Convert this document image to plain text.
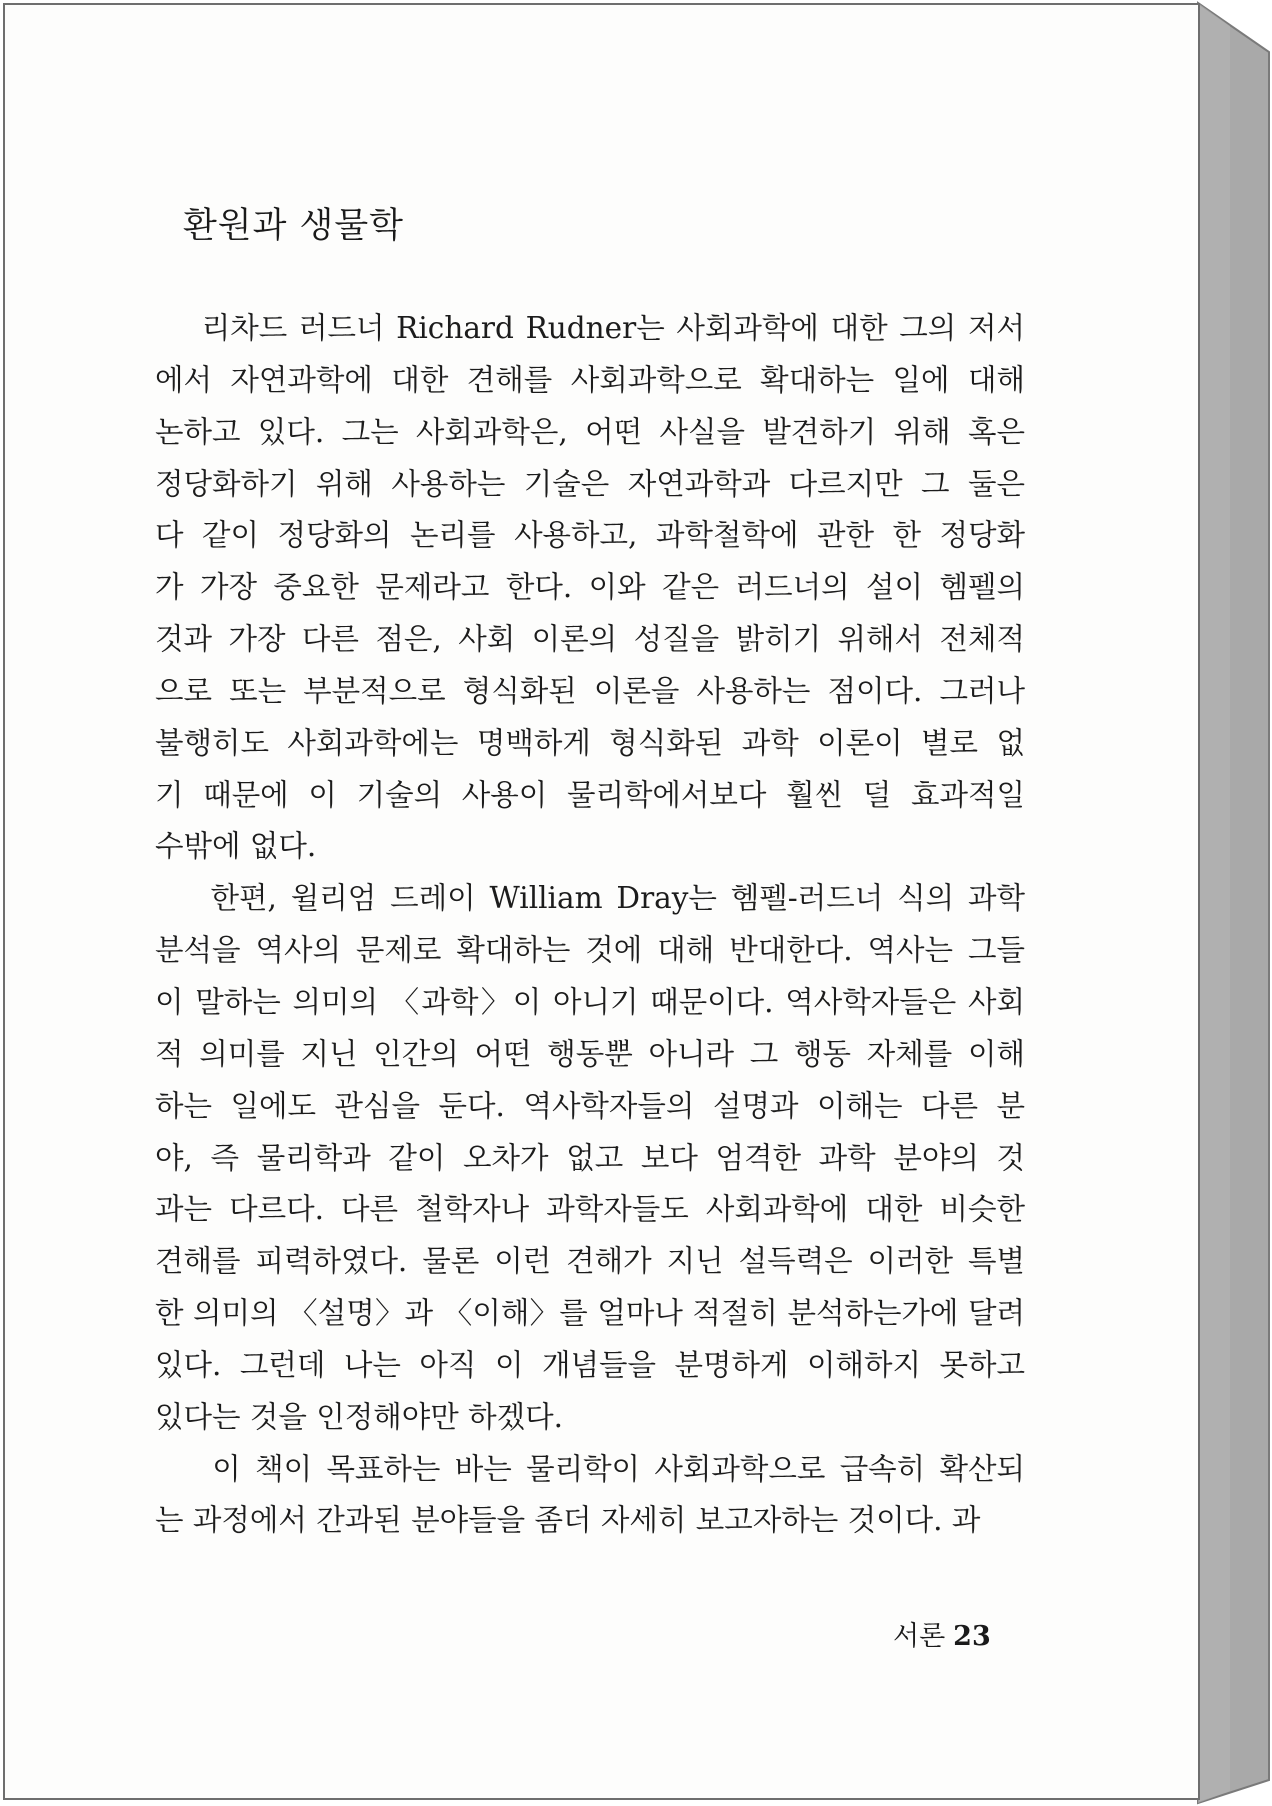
환원과 생물학
리차드 러드너 Richard Rudner는 사회과학에 대한 그의 저서
에서 자연과학에 대한 견해를 사회과학으로 확대하는 일에 대해
논하고 있다. 그는 사회과학은, 어떤 사실을 발견하기 위해 혹은
정당화하기 위해 사용하는 기술은 자연과학과 다르지만 그 둘은
다 같이 정당화의 논리를 사용하고, 과학철학에 관한 한 정당화
가 가장 중요한 문제라고 한다. 이와 같은 러드너의 설이 헴펠의
것과 가장 다른 점은, 사회 이론의 성질을 밝히기 위해서 전체적
으로 또는 부분적으로 형식화된 이론을 사용하는 점이다. 그러나
불행히도 사회과학에는 명백하게 형식화된 과학 이론이 별로 없
기 때문에 이 기술의 사용이 물리학에서보다 훨씬 덜 효과적일
수밖에 없다.
한편, 윌리엄 드레이 William Dray는 헴펠-러드너 식의 과학
분석을 역사의 문제로 확대하는 것에 대해 반대한다. 역사는 그들
이 말하는 의미의 〈과학〉이 아니기 때문이다. 역사학자들은 사회
적 의미를 지닌 인간의 어떤 행동뿐 아니라 그 행동 자체를 이해
하는 일에도 관심을 둔다. 역사학자들의 설명과 이해는 다른 분
야, 즉 물리학과 같이 오차가 없고 보다 엄격한 과학 분야의 것
과는 다르다. 다른 철학자나 과학자들도 사회과학에 대한 비슷한
견해를 피력하였다. 물론 이런 견해가 지닌 설득력은 이러한 특별
한 의미의 〈설명〉과 〈이해〉를 얼마나 적절히 분석하는가에 달려
있다. 그런데 나는 아직 이 개념들을 분명하게 이해하지 못하고
있다는 것을 인정해야만 하겠다.
이 책이 목표하는 바는 물리학이 사회과학으로 급속히 확산되
는 과정에서 간과된 분야들을 좀더 자세히 보고자하는 것이다. 과
서론 23
